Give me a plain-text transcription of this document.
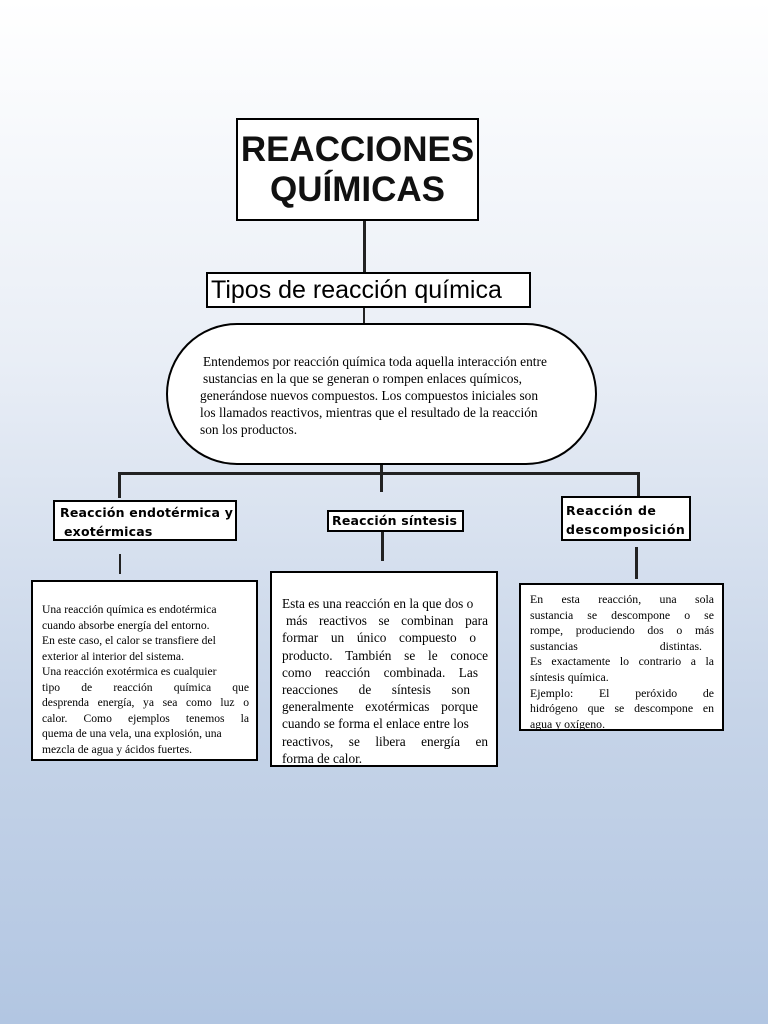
REACCIONES
QUÍMICAS
Tipos de reacción química
Entendemos por reacción química toda aquella interacción entre
sustancias en la que se generan o rompen enlaces químicos,
generándose nuevos compuestos. Los compuestos iniciales son
los llamados reactivos, mientras que el resultado de la reacción
son los productos.
Reacción endotérmica y
exotérmicas
Reacción síntesis
Reacción de
descomposición
Una reacción química es endotérmica
cuando absorbe energía del entorno.
En este caso, el calor se transfiere del
exterior al interior del sistema.
Una reacción exotérmica es cualquier
tipo de reacción química que
desprenda energía, ya sea como luz o
calor. Como ejemplos tenemos la
quema de una vela, una explosión, una
mezcla de agua y ácidos fuertes.
Esta es una reacción en la que dos o
más reactivos se combinan para
formar un único compuesto o
producto. También se le conoce
como reacción combinada. Las
reacciones de síntesis son
generalmente exotérmicas porque
cuando se forma el enlace entre los
reactivos, se libera energía en
forma de calor.
En esta reacción, una sola
sustancia se descompone o se
rompe, produciendo dos o más
sustancias distintas.
Es exactamente lo contrario a la
síntesis química.
Ejemplo: El peróxido de
hidrógeno que se descompone en
agua y oxígeno.
